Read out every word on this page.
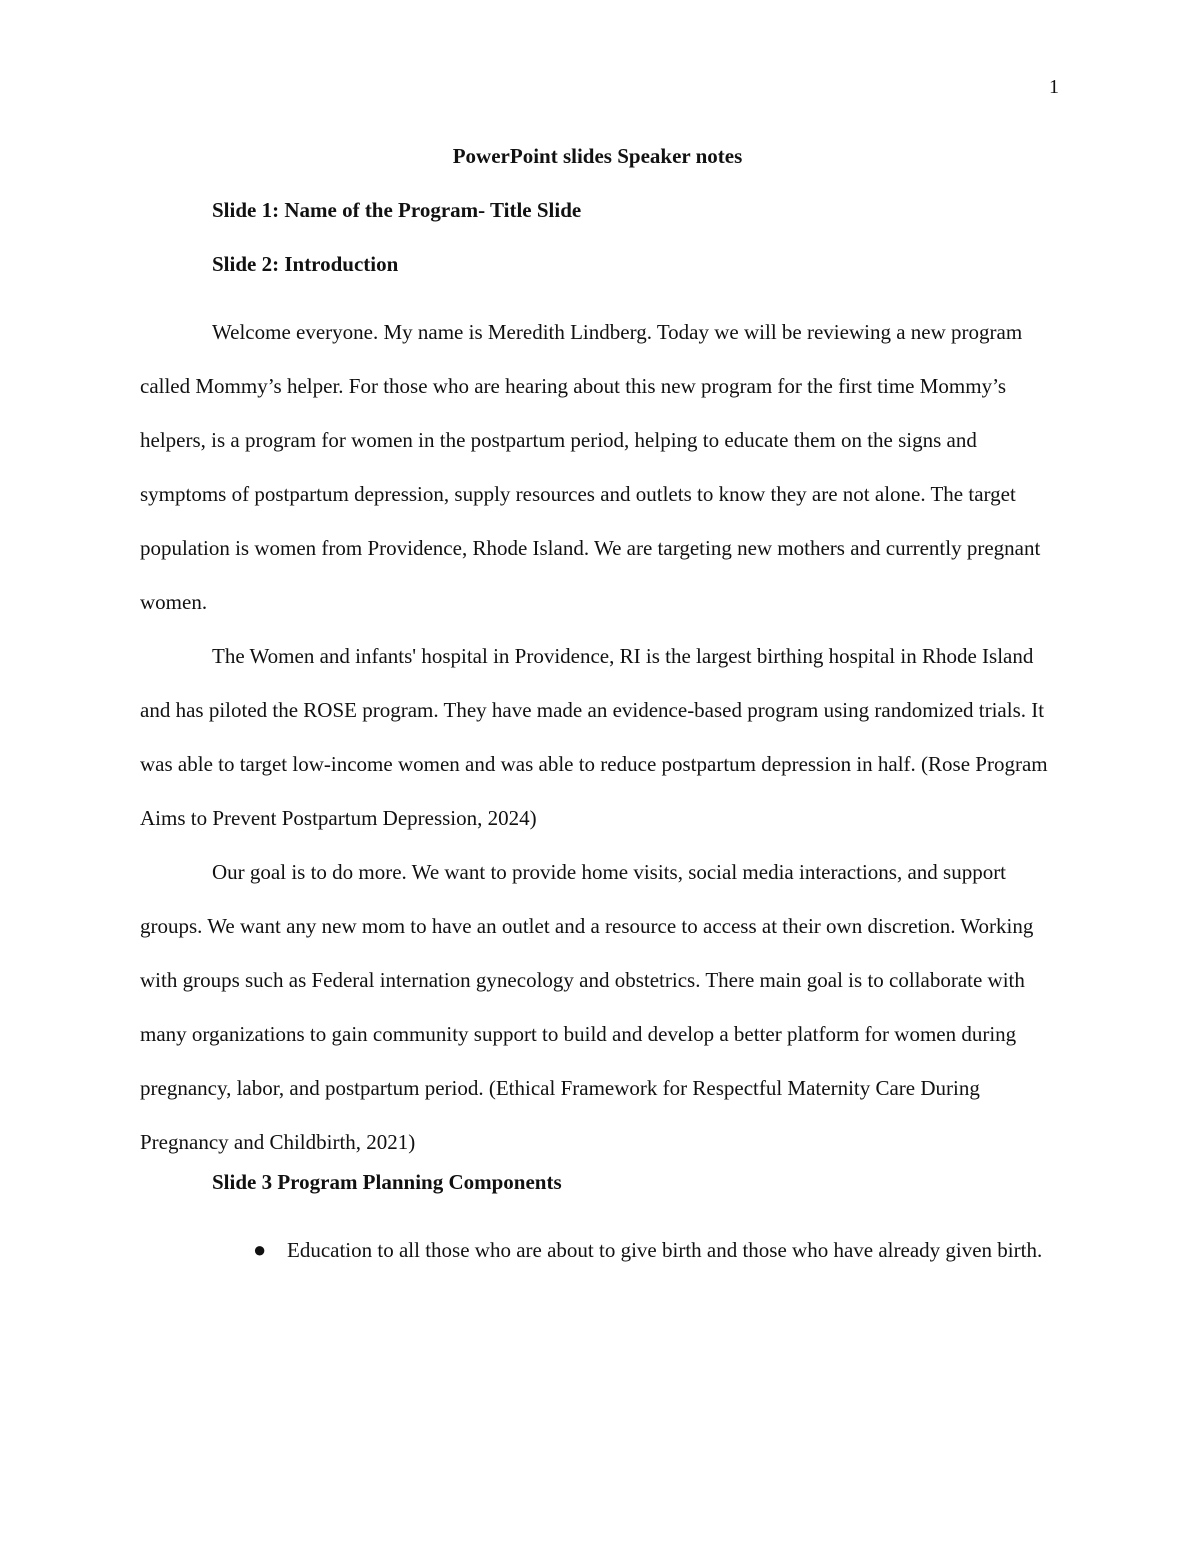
1

PowerPoint slides Speaker notes

Slide 1: Name of the Program- Title Slide

Slide 2: Introduction

Welcome everyone. My name is Meredith Lindberg. Today we will be reviewing a new program called Mommy’s helper. For those who are hearing about this new program for the first time Mommy’s helpers, is a program for women in the postpartum period, helping to educate them on the signs and symptoms of postpartum depression, supply resources and outlets to know they are not alone. The target population is women from Providence, Rhode Island. We are targeting new mothers and currently pregnant women.

The Women and infants' hospital in Providence, RI is the largest birthing hospital in Rhode Island and has piloted the ROSE program. They have made an evidence-based program using randomized trials. It was able to target low-income women and was able to reduce postpartum depression in half. (Rose Program Aims to Prevent Postpartum Depression, 2024)

Our goal is to do more. We want to provide home visits, social media interactions, and support groups. We want any new mom to have an outlet and a resource to access at their own discretion. Working with groups such as Federal internation gynecology and obstetrics. There main goal is to collaborate with many organizations to gain community support to build and develop a better platform for women during pregnancy, labor, and postpartum period. (Ethical Framework for Respectful Maternity Care During Pregnancy and Childbirth, 2021)

Slide 3 Program Planning Components

● Education to all those who are about to give birth and those who have already given birth.
